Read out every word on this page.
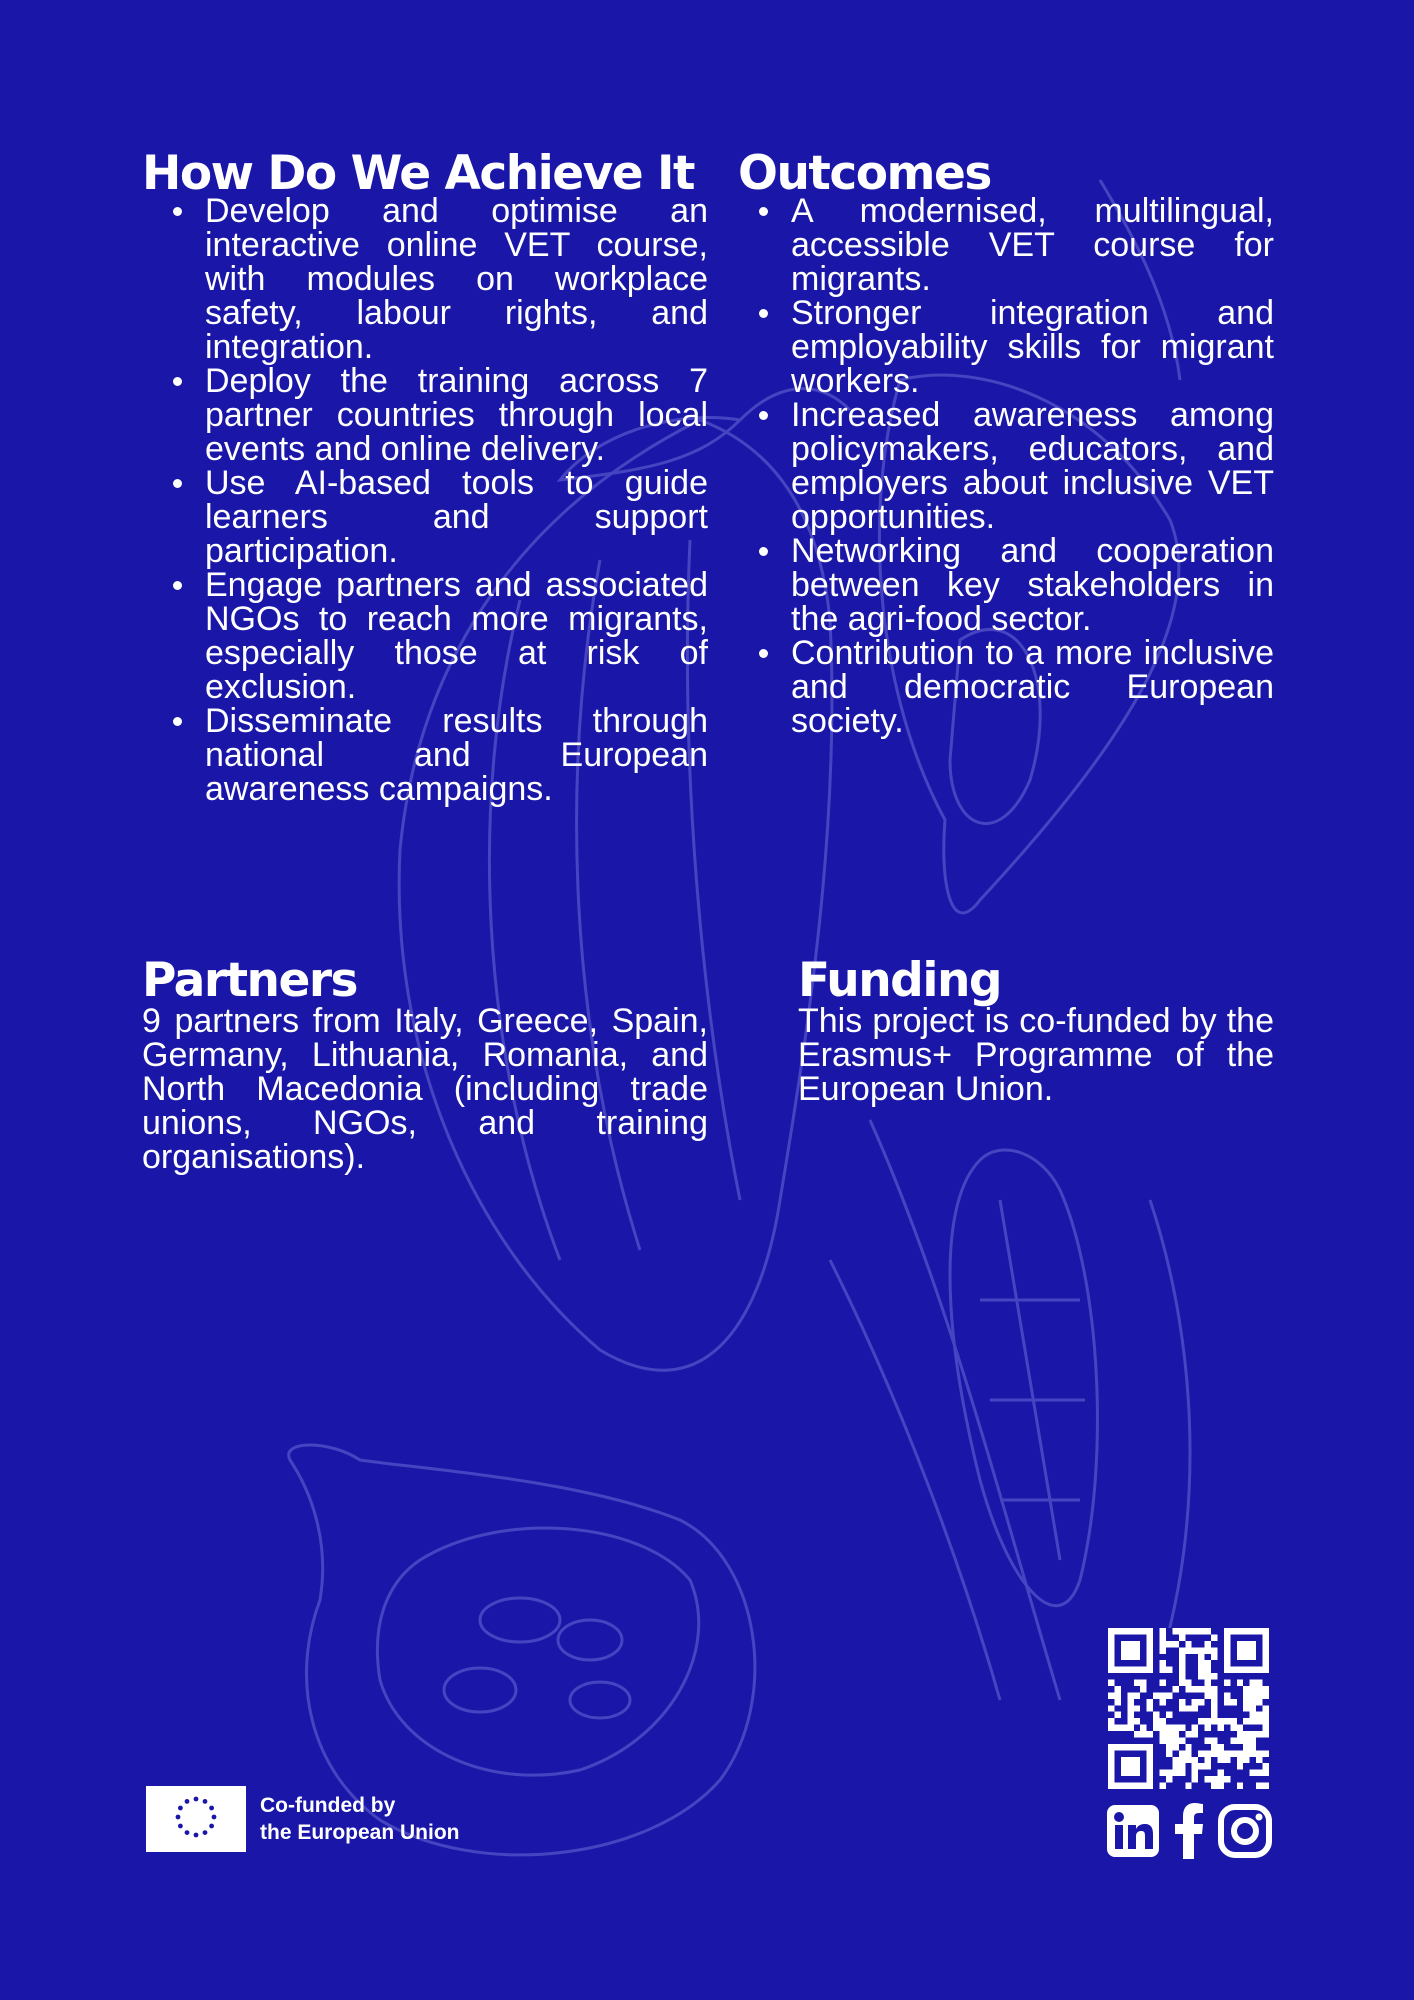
How Do We Achieve It
Develop and optimise an interactive online VET course, with modules on workplace safety, labour rights, and integration.
Deploy the training across 7 partner countries through local events and online delivery.
Use AI-based tools to guide learners and support participation.
Engage partners and associated NGOs to reach more migrants, especially those at risk of exclusion.
Disseminate results through national and European awareness campaigns.
Outcomes
A modernised, multilingual, accessible VET course for migrants.
Stronger integration and employability skills for migrant workers.
Increased awareness among policymakers, educators, and employers about inclusive VET opportunities.
Networking and cooperation between key stakeholders in the agri-food sector.
Contribution to a more inclusive and democratic European society.
Partners

9 partners from Italy, Greece, Spain, Germany, Lithuania, Romania, and North Macedonia (including trade unions, NGOs, and training organisations).

Funding

This project is co-funded by the Erasmus+ Programme of the European Union.

Co-funded by
the European Union
